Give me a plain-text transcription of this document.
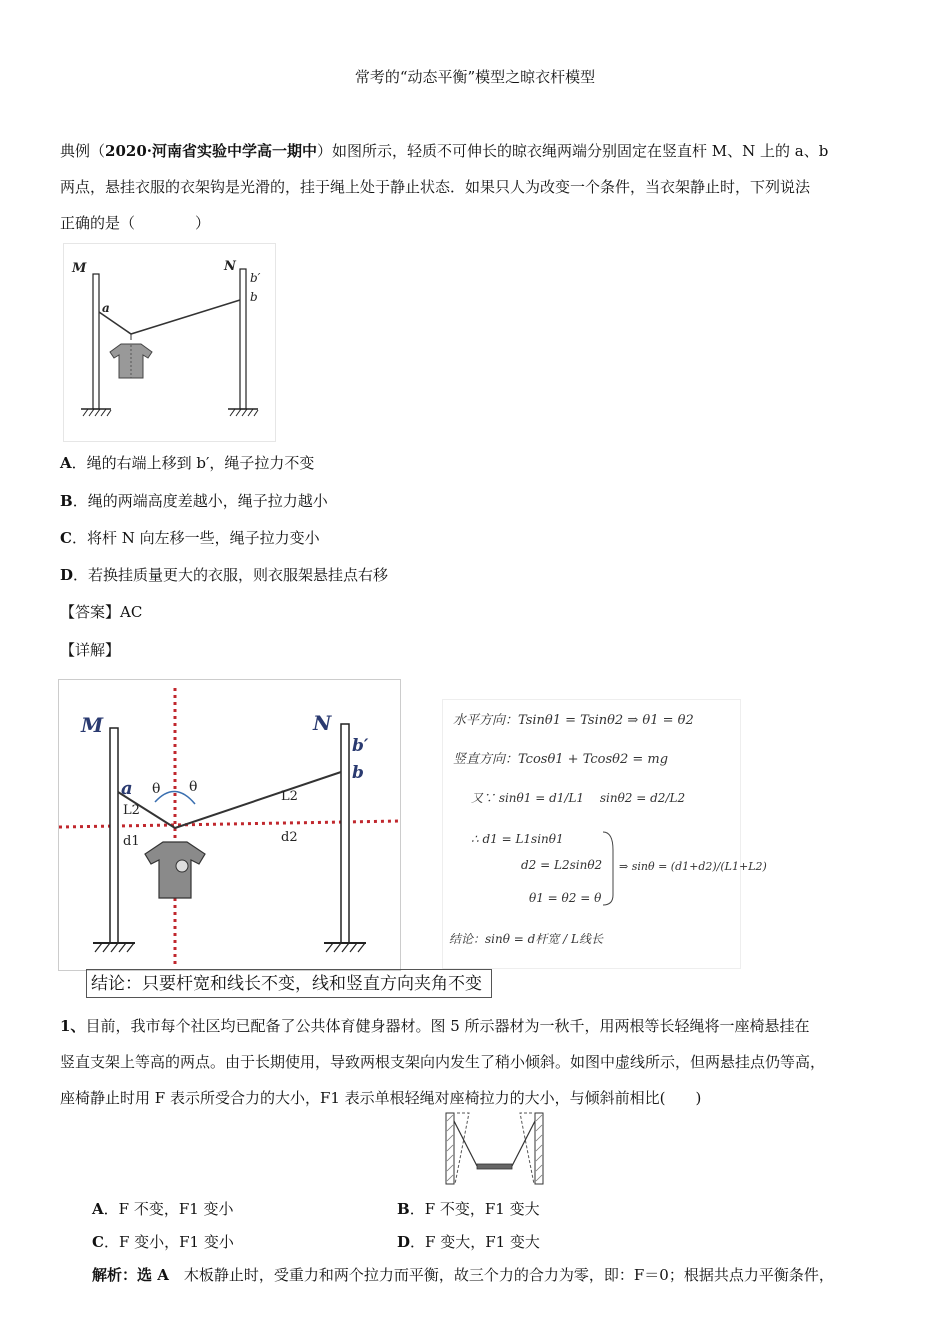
常考的“动态平衡”模型之晾衣杆模型
典例（2020·河南省实验中学高一期中）如图所示，轻质不可伸长的晾衣绳两端分别固定在竖直杆 M、N 上的 a、b
两点，悬挂衣服的衣架钩是光滑的，挂于绳上处于静止状态．如果只人为改变一个条件，当衣架静止时，下列说法
正确的是（　　　　）
M	N
a
b′
b
A．绳的右端上移到 b′，绳子拉力不变
B．绳的两端高度差越小，绳子拉力越小
C．将杆 N 向左移一些，绳子拉力变小
D．若换挂质量更大的衣服，则衣服架悬挂点右移
【答案】AC
【详解】
M	N
a
b′
b
θ θ
L2
L2
d1	d2
水平方向：Tsinθ1 = Tsinθ2 ⇒ θ1 = θ2
竖直方向：Tcosθ1 + Tcosθ2 = mg
又∵ sinθ1 = d1/L1　 sinθ2 = d2/L2
∴ d1 = L1sinθ1
d2 = L2sinθ2
θ1 = θ2 = θ
⇒ sinθ = (d1+d2)/(L1+L2)
结论：sinθ = d杆宽 / L线长
结论：只要杆宽和线长不变，线和竖直方向夹角不变
1、目前，我市每个社区均已配备了公共体育健身器材。图 5 所示器材为一秋千，用两根等长轻绳将一座椅悬挂在
竖直支架上等高的两点。由于长期使用，导致两根支架向内发生了稍小倾斜。如图中虚线所示，但两悬挂点仍等高，
座椅静止时用 F 表示所受合力的大小，F1 表示单根轻绳对座椅拉力的大小，与倾斜前相比(　　)
A．F 不变，F1 变小	B．F 不变，F1 变大
C．F 变小，F1 变小	D．F 变大，F1 变大
解析：选 A　木板静止时，受重力和两个拉力而平衡，故三个力的合力为零，即：F＝0；根据共点力平衡条件，
